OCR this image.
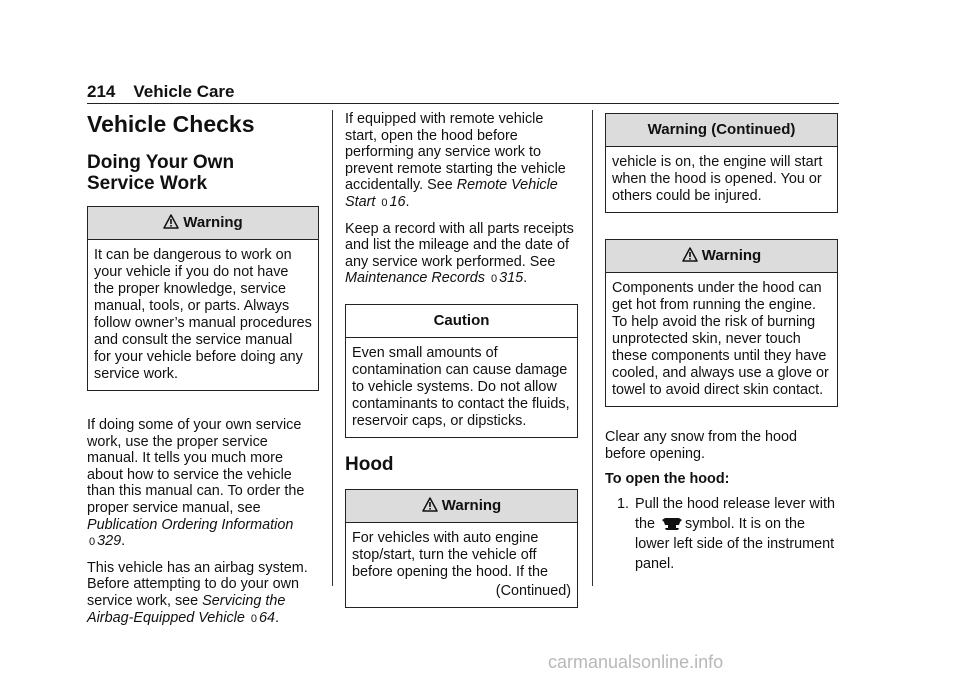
214 Vehicle Care
Vehicle Checks
Doing Your Own
Service Work
Warning
It can be dangerous to work on your vehicle if you do not have the proper knowledge, service manual, tools, or parts. Always follow owner’s manual procedures and consult the service manual for your vehicle before doing any service work.

If doing some of your own service work, use the proper service manual. It tells you much more about how to service the vehicle than this manual can. To order the proper service manual, see
Publication Ordering Information
0 329.

This vehicle has an airbag system. Before attempting to do your own service work, see Servicing the Airbag-Equipped Vehicle 0 64.

If equipped with remote vehicle start, open the hood before performing any service work to prevent remote starting the vehicle accidentally. See Remote Vehicle Start 0 16.

Keep a record with all parts receipts and list the mileage and the date of any service work performed. See Maintenance Records 0 315.

Caution
Even small amounts of contamination can cause damage to vehicle systems. Do not allow contaminants to contact the fluids, reservoir caps, or dipsticks.
Hood
Warning
For vehicles with auto engine stop/start, turn the vehicle off before opening the hood. If the
(Continued)
Warning (Continued)
vehicle is on, the engine will start when the hood is opened. You or others could be injured.
Warning
Components under the hood can get hot from running the engine. To help avoid the risk of burning unprotected skin, never touch these components until they have cooled, and always use a glove or towel to avoid direct skin contact.

Clear any snow from the hood before opening.

To open the hood:

1. Pull the hood release lever with the symbol. It is on the lower left side of the instrument panel.
carmanualsonline.info
